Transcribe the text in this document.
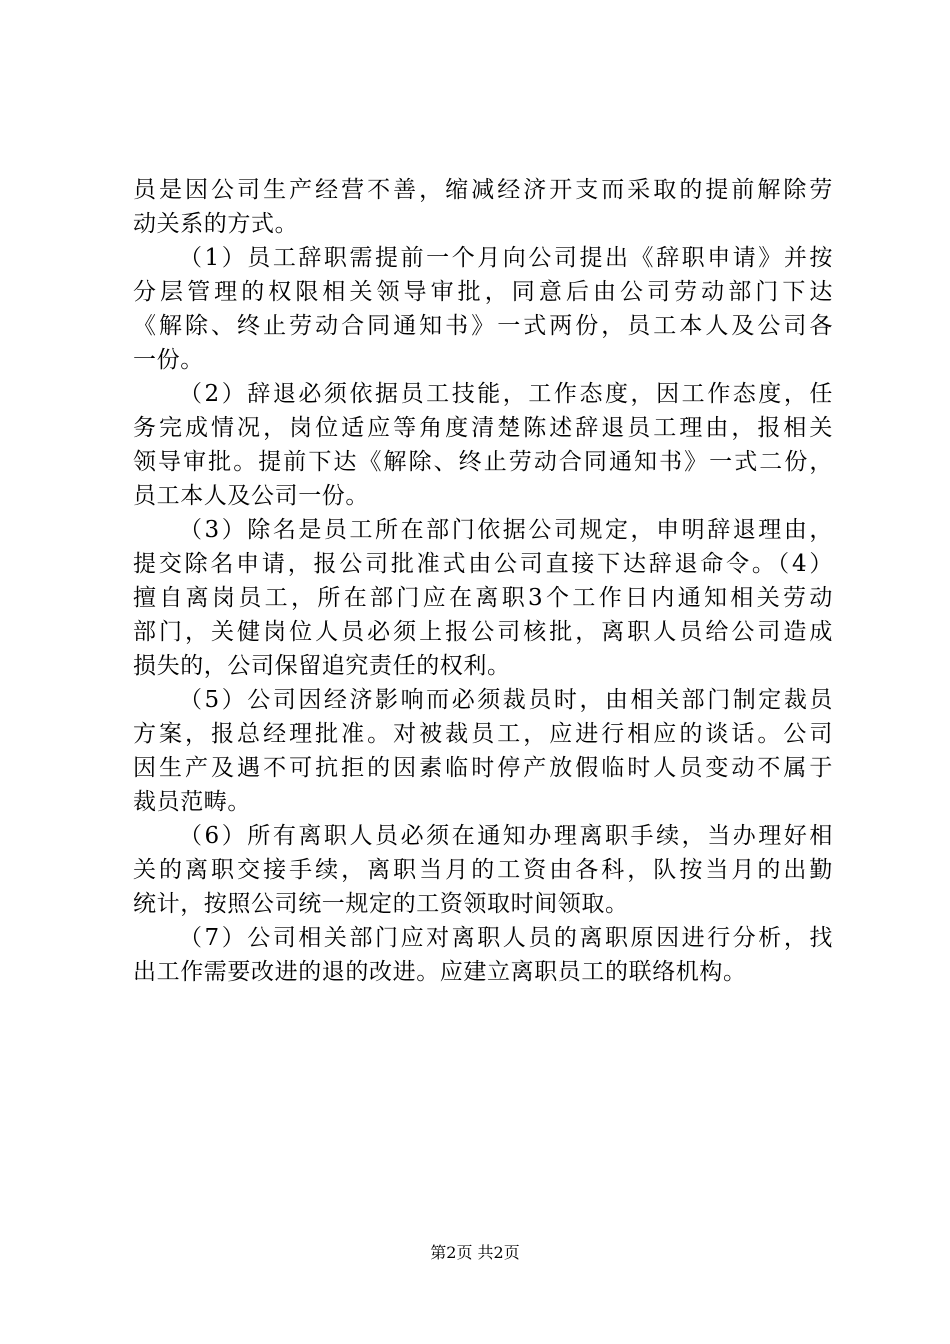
员是因公司生产经营不善，缩减经济开支而采取的提前解除劳
动关系的方式。
（1）员工辞职需提前一个月向公司提出《辞职申请》并按
分层管理的权限相关领导审批，同意后由公司劳动部门下达
《解除、终止劳动合同通知书》一式两份，员工本人及公司各
一份。
（2）辞退必须依据员工技能，工作态度，因工作态度，任
务完成情况，岗位适应等角度清楚陈述辞退员工理由，报相关
领导审批。提前下达《解除、终止劳动合同通知书》一式二份，
员工本人及公司一份。
（3）除名是员工所在部门依据公司规定，申明辞退理由，
提交除名申请，报公司批准式由公司直接下达辞退命令。（4）
擅自离岗员工，所在部门应在离职3个工作日内通知相关劳动
部门，关健岗位人员必须上报公司核批，离职人员给公司造成
损失的，公司保留追究责任的权利。
（5）公司因经济影响而必须裁员时，由相关部门制定裁员
方案，报总经理批准。对被裁员工，应进行相应的谈话。公司
因生产及遇不可抗拒的因素临时停产放假临时人员变动不属于
裁员范畴。
（6）所有离职人员必须在通知办理离职手续，当办理好相
关的离职交接手续，离职当月的工资由各科，队按当月的出勤
统计，按照公司统一规定的工资领取时间领取。
（7）公司相关部门应对离职人员的离职原因进行分析，找
出工作需要改进的退的改进。应建立离职员工的联络机构。
第2页 共2页
